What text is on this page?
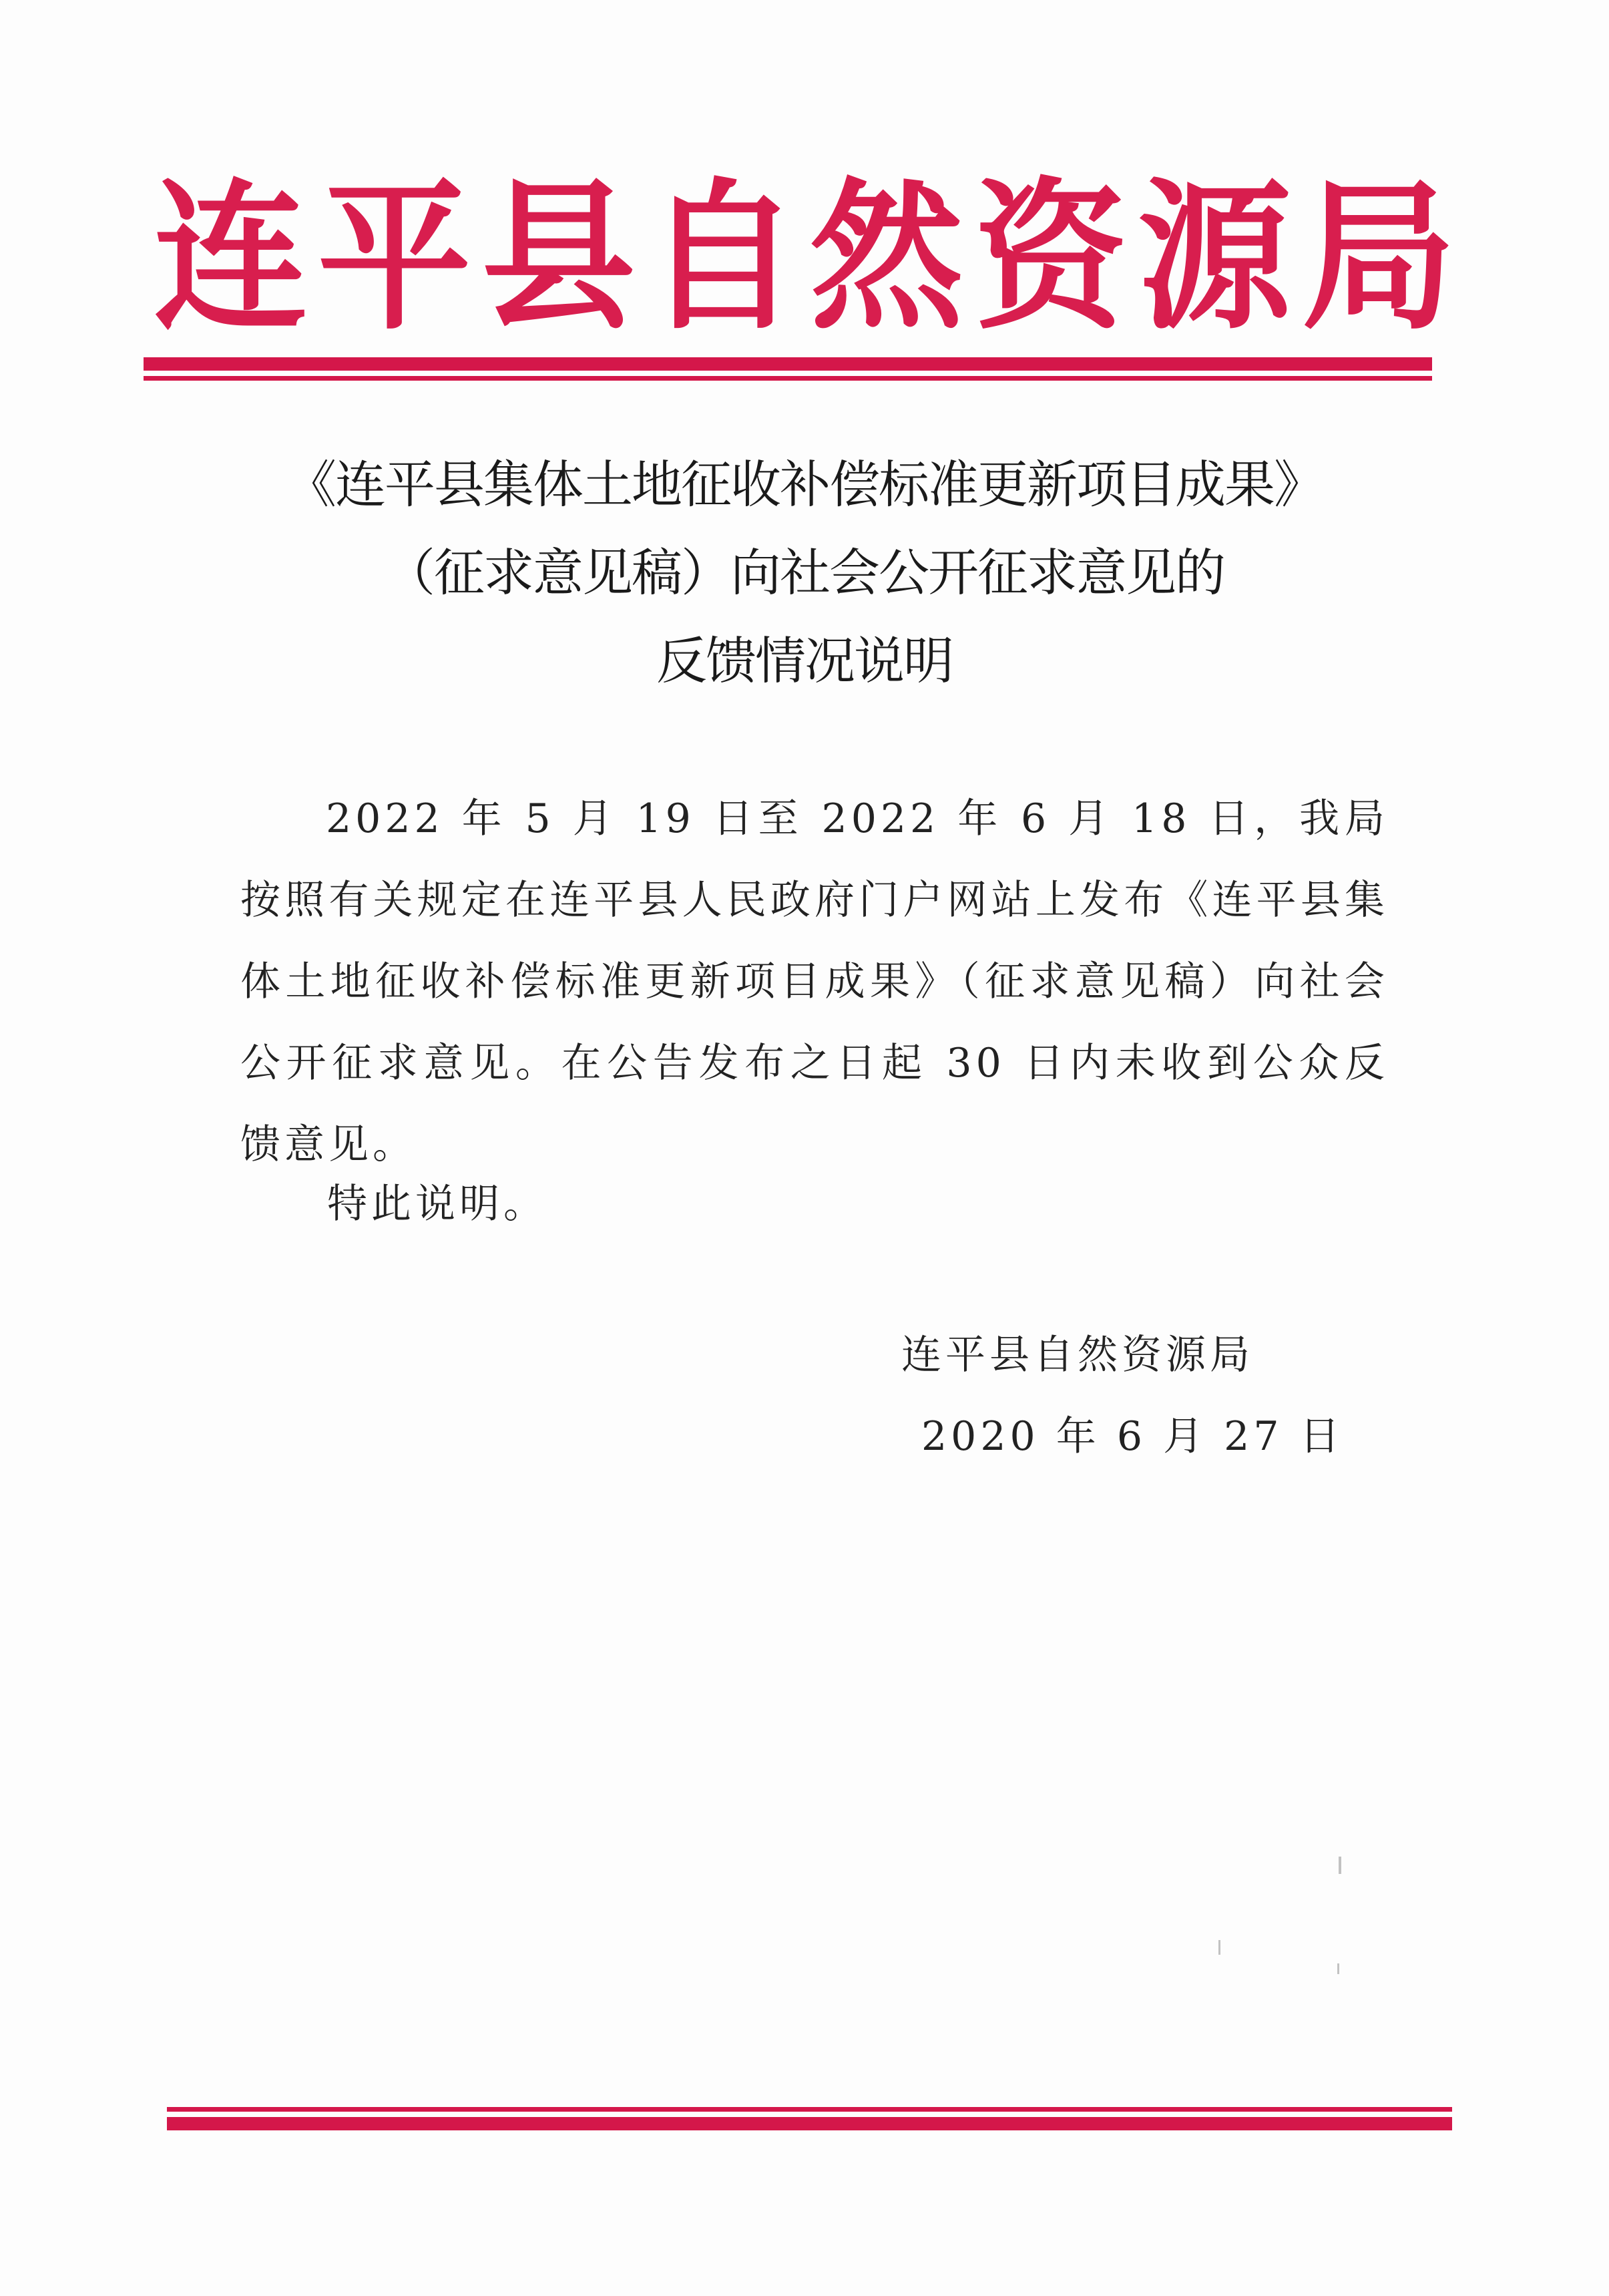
连 平 县 自 然 资 源 局
《连平县集体土地征收补偿标准更新项目成果》
（征求意见稿）向社会公开征求意见的
反馈情况说明
2022 年 5 月 19 日至 2022 年 6 月 18 日，我局按照有关规定在连平县人民政府门户网站上发布《连平县集体土地征收补偿标准更新项目成果》（征求意见稿）向社会公开征求意见。在公告发布之日起 30 日内未收到公众反馈意见。
特此说明。
连平县自然资源局
2020 年 6 月 27 日
